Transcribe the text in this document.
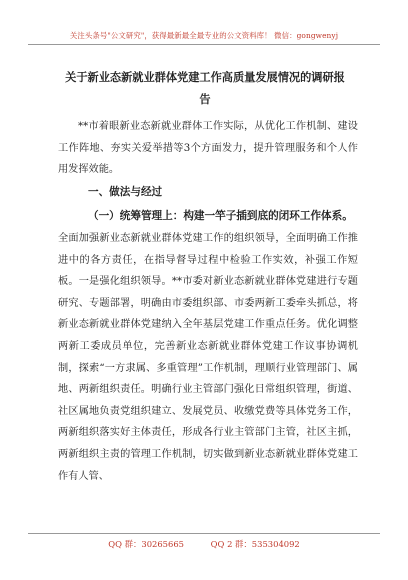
关注头条号"公文研究"，获得最新最全最专业的公文资料库！ 微信：gongwenyj
关于新业态新就业群体党建工作高质量发展情况的调研报告
**市着眼新业态新就业群体工作实际，从优化工作机制、建设工作阵地、夯实关爱举措等3个方面发力，提升管理服务和个人作用发挥效能。
一、做法与经过
（一）统筹管理上：构建一竿子插到底的闭环工作体系。
全面加强新业态新就业群体党建工作的组织领导，全面明确工作推进中的各方责任，在指导督导过程中检验工作实效，补强工作短板。一是强化组织领导。**市委对新业态新就业群体党建进行专题研究、专题部署，明确由市委组织部、市委两新工委牵头抓总，将新业态新就业群体党建纳入全年基层党建工作重点任务。优化调整两新工委成员单位，完善新业态新就业群体党建工作议事协调机制，探索“一方隶属、多重管理”工作机制，理顺行业管理部门、属地、两新组织责任。明确行业主管部门强化日常组织管理，街道、社区属地负责党组织建立、发展党员、收缴党费等具体党务工作，两新组织落实好主体责任，形成各行业主管部门主管，社区主抓，两新组织主责的管理工作机制，切实做到新业态新就业群体党建工作有人管、
QQ 群：30265665	QQ 2 群：535304092
